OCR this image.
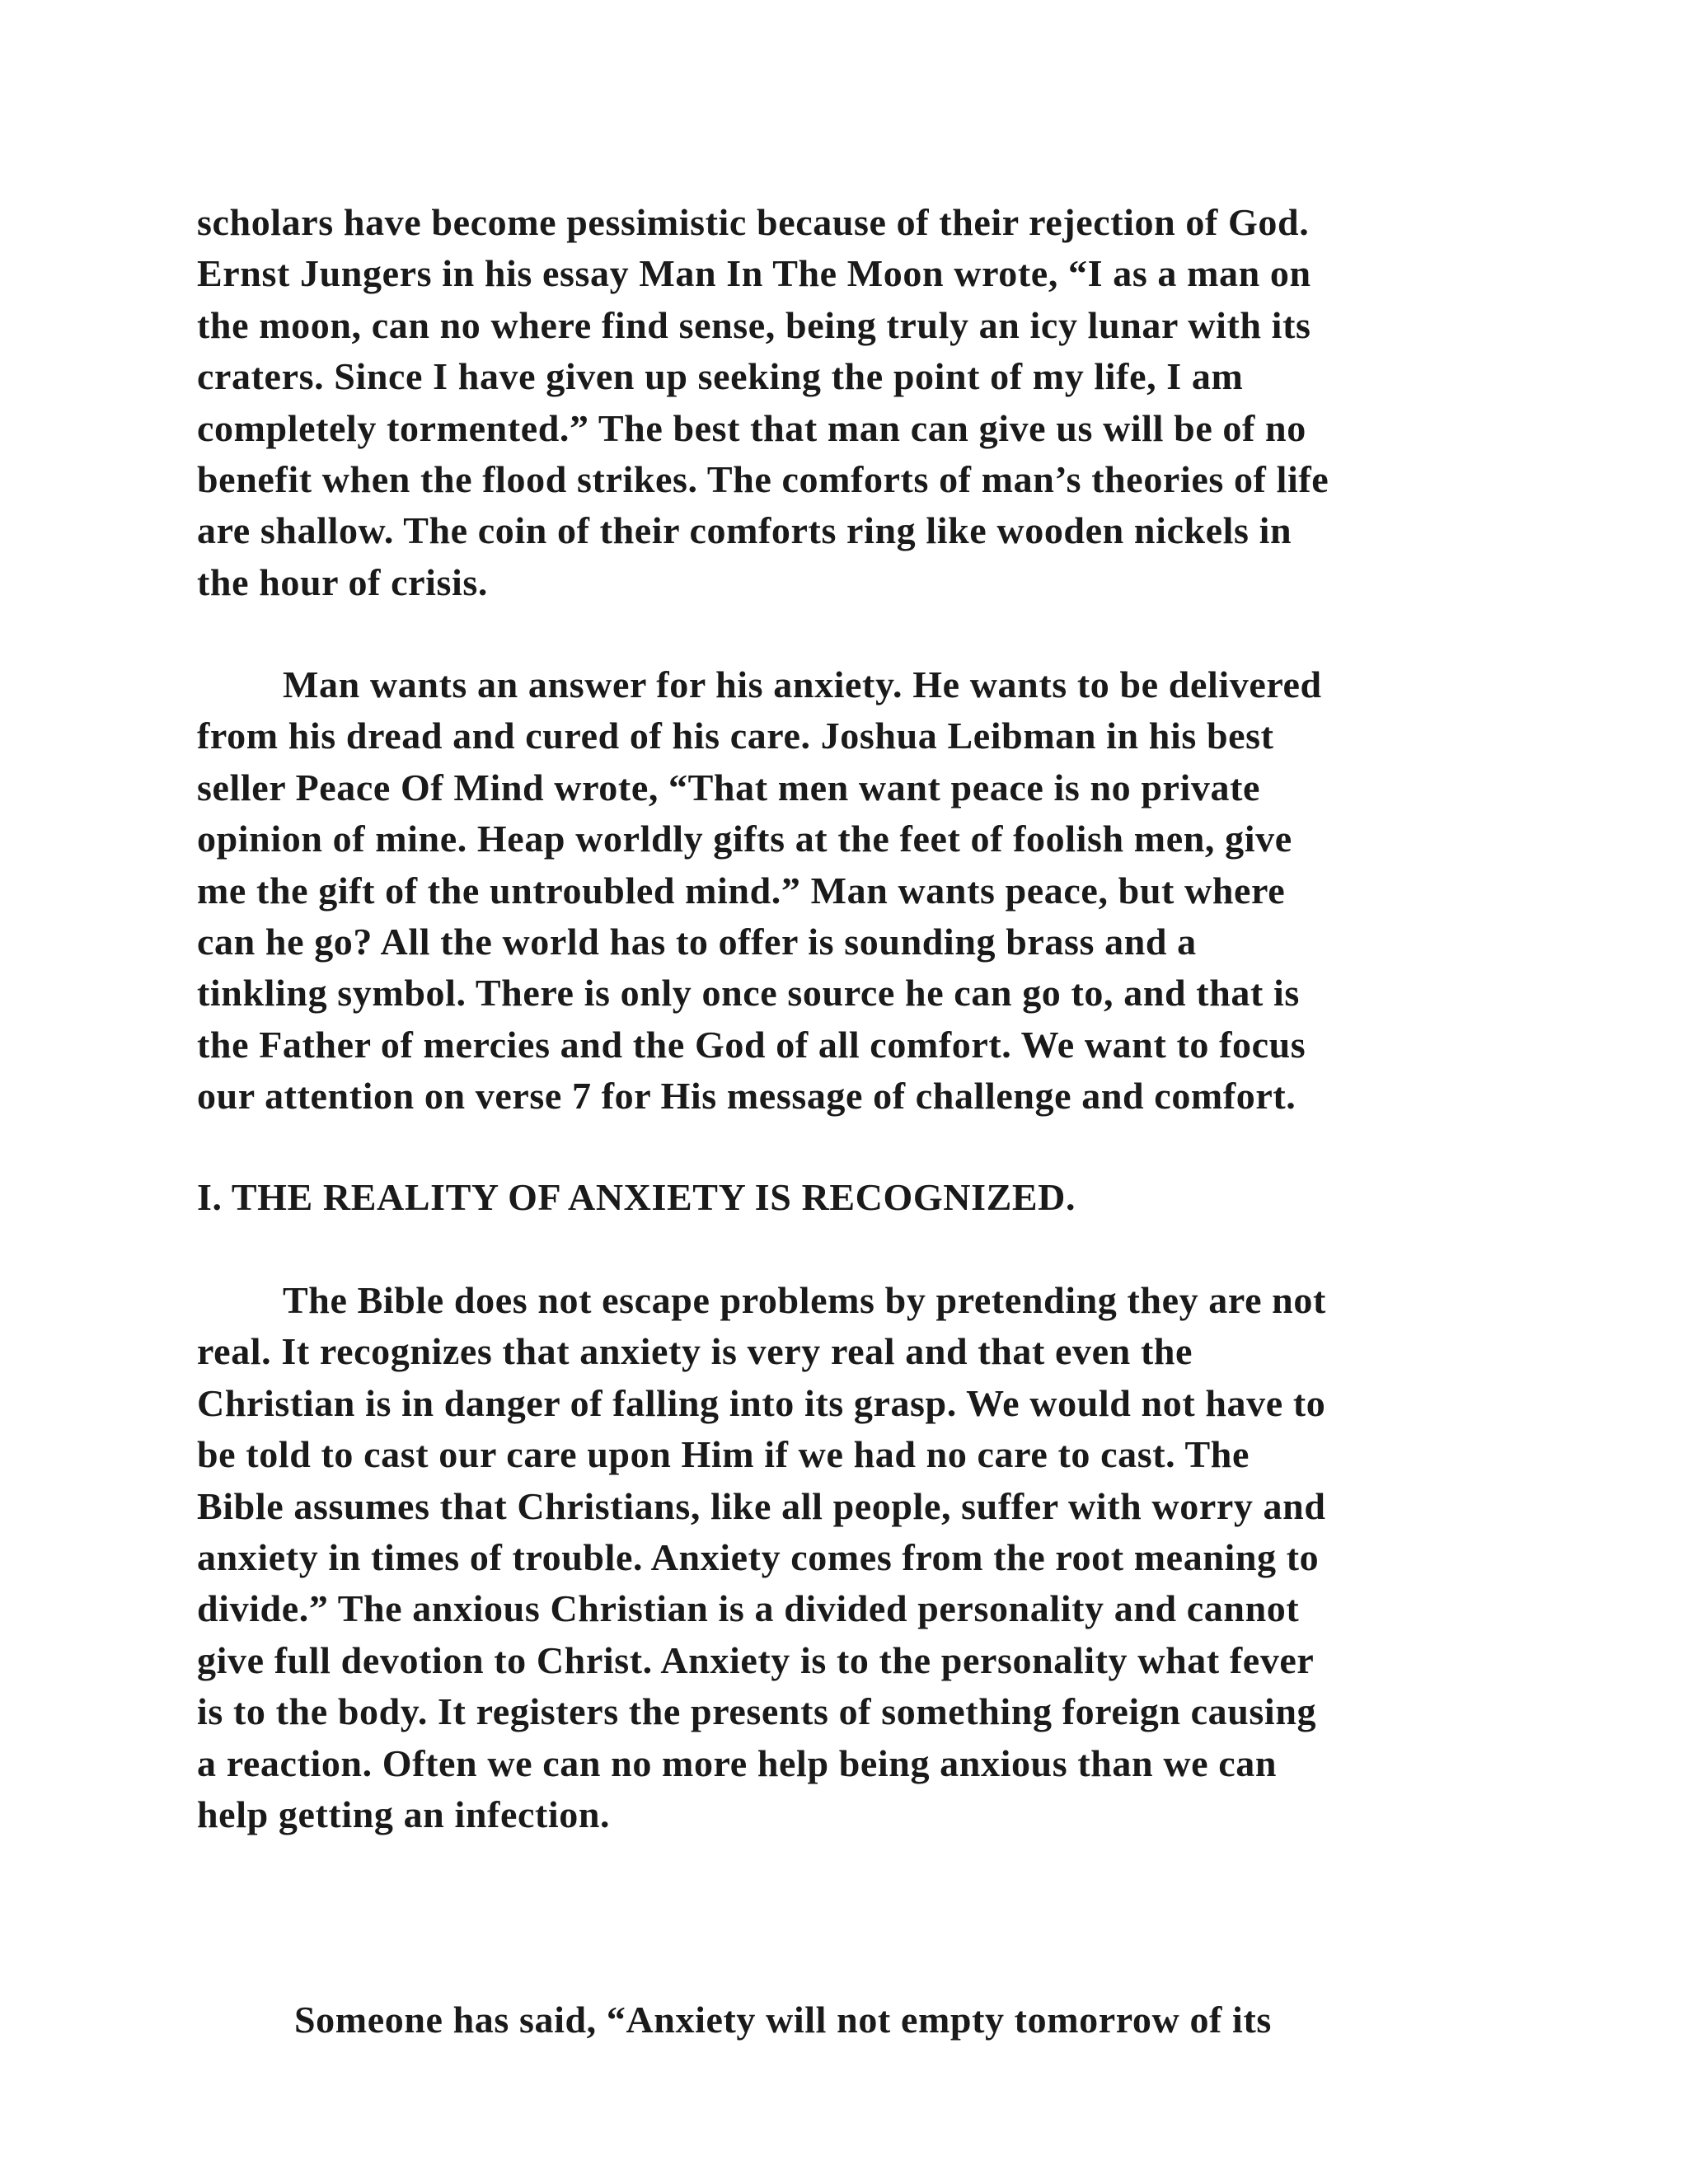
scholars have become pessimistic because of their rejection of God.
Ernst Jungers in his essay Man In The Moon wrote, “I as a man on
the moon, can no where find sense, being truly an icy lunar with its
craters. Since I have given up seeking the point of my life, I am
completely tormented.” The best that man can give us will be of no
benefit when the flood strikes. The comforts of man’s theories of life
are shallow. The coin of their comforts ring like wooden nickels in
the hour of crisis.
Man wants an answer for his anxiety. He wants to be delivered
from his dread and cured of his care. Joshua Leibman in his best
seller Peace Of Mind wrote, “That men want peace is no private
opinion of mine. Heap worldly gifts at the feet of foolish men, give
me the gift of the untroubled mind.” Man wants peace, but where
can he go? All the world has to offer is sounding brass and a
tinkling symbol. There is only once source he can go to, and that is
the Father of mercies and the God of all comfort. We want to focus
our attention on verse 7 for His message of challenge and comfort.
I. THE REALITY OF ANXIETY IS RECOGNIZED.
The Bible does not escape problems by pretending they are not
real. It recognizes that anxiety is very real and that even the
Christian is in danger of falling into its grasp. We would not have to
be told to cast our care upon Him if we had no care to cast. The
Bible assumes that Christians, like all people, suffer with worry and
anxiety in times of trouble. Anxiety comes from the root meaning to
divide.” The anxious Christian is a divided personality and cannot
give full devotion to Christ. Anxiety is to the personality what fever
is to the body. It registers the presents of something foreign causing
a reaction. Often we can no more help being anxious than we can
help getting an infection.
Someone has said, “Anxiety will not empty tomorrow of its
